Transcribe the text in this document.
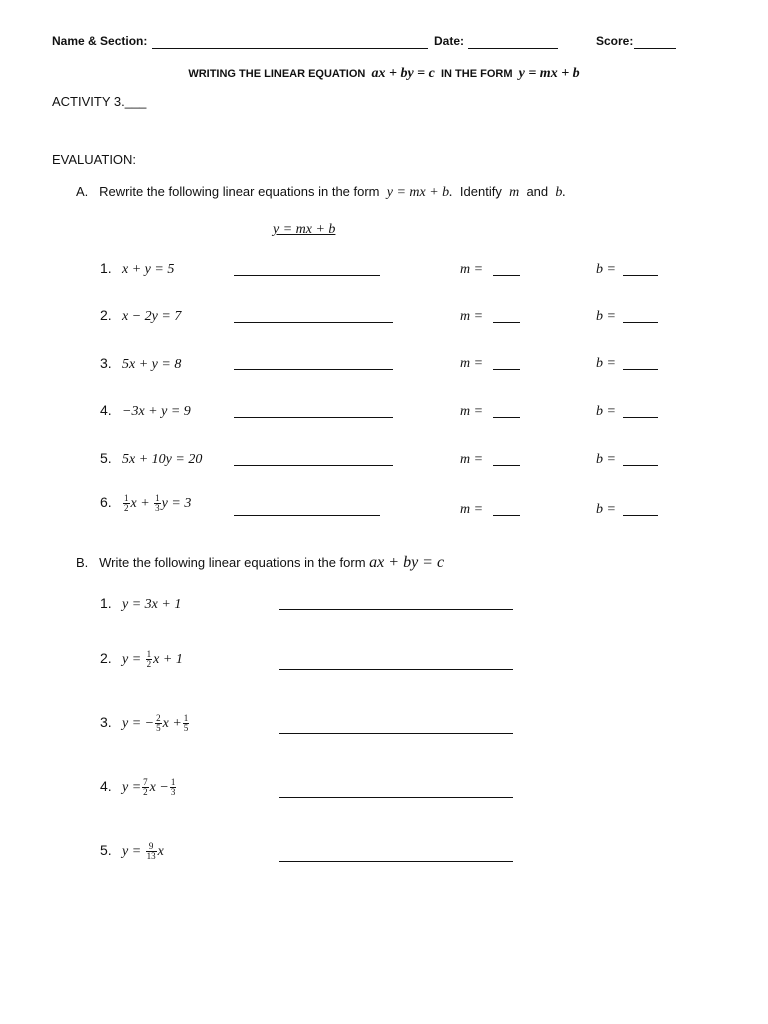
Name & Section:	Date:	Score:
WRITING THE LINEAR EQUATION ax + by = c IN THE FORM y = mx + b
ACTIVITY 3.___
EVALUATION:
A. Rewrite the following linear equations in the form y = mx + b. Identify m and b.
y = mx + b
1. x + y = 5	m =	b =
2. x − 2y = 7	m =	b =
3. 5x + y = 8	m =	b =
4. −3x + y = 9	m =	b =
5. 5x + 10y = 20	m =	b =
6. $\frac{1}{2}$ $x + \frac{1}{3}$ y = 3	m =	b =
B. Write the following linear equations in the form ax + by = c
1. y = 3x + 1
2. $y = \frac{1}{2}$ x + 1
3. y = − $\frac{2}{5}$ $x + \frac{1}{5}$
4. $y = \frac{7}{2}$ $x - \frac{1}{3}$
5. $y = \frac{9}{13}$ x
